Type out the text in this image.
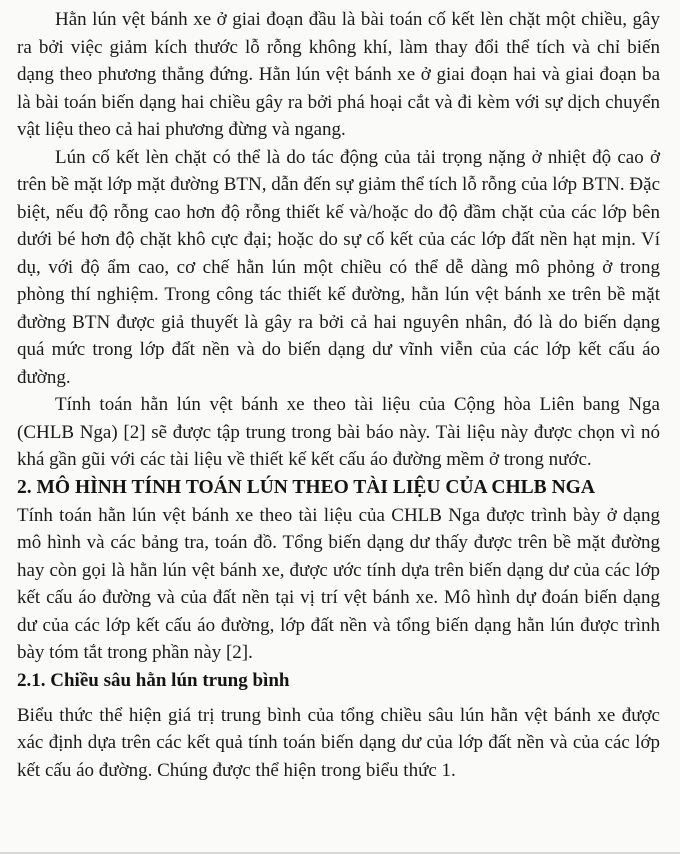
Hằn lún vệt bánh xe ở giai đoạn đầu là bài toán cố kết lèn chặt một chiều, gây ra bởi việc giảm kích thước lỗ rỗng không khí, làm thay đổi thể tích và chỉ biến dạng theo phương thẳng đứng. Hằn lún vệt bánh xe ở giai đoạn hai và giai đoạn ba là bài toán biến dạng hai chiều gây ra bởi phá hoại cắt và đi kèm với sự dịch chuyển vật liệu theo cả hai phương đừng và ngang.

Lún cố kết lèn chặt có thể là do tác động của tải trọng nặng ở nhiệt độ cao ở trên bề mặt lớp mặt đường BTN, dẫn đến sự giảm thể tích lỗ rỗng của lớp BTN. Đặc biệt, nếu độ rỗng cao hơn độ rỗng thiết kế và/hoặc do độ đầm chặt của các lớp bên dưới bé hơn độ chặt khô cực đại; hoặc do sự cố kết của các lớp đất nền hạt mịn. Ví dụ, với độ ẩm cao, cơ chế hằn lún một chiều có thể dễ dàng mô phỏng ở trong phòng thí nghiệm. Trong công tác thiết kế đường, hằn lún vệt bánh xe trên bề mặt đường BTN được giả thuyết là gây ra bởi cả hai nguyên nhân, đó là do biến dạng quá mức trong lớp đất nền và do biến dạng dư vĩnh viễn của các lớp kết cấu áo đường.

Tính toán hằn lún vệt bánh xe theo tài liệu của Cộng hòa Liên bang Nga (CHLB Nga) [2] sẽ được tập trung trong bài báo này. Tài liệu này được chọn vì nó khá gần gũi với các tài liệu về thiết kế kết cấu áo đường mềm ở trong nước.

2. MÔ HÌNH TÍNH TOÁN LÚN THEO TÀI LIỆU CỦA CHLB NGA

Tính toán hằn lún vệt bánh xe theo tài liệu của CHLB Nga được trình bày ở dạng mô hình và các bảng tra, toán đồ. Tổng biến dạng dư thấy được trên bề mặt đường hay còn gọi là hằn lún vệt bánh xe, được ước tính dựa trên biến dạng dư của các lớp kết cấu áo đường và của đất nền tại vị trí vệt bánh xe. Mô hình dự đoán biến dạng dư của các lớp kết cấu áo đường, lớp đất nền và tổng biến dạng hằn lún được trình bày tóm tắt trong phần này [2].

2.1. Chiều sâu hằn lún trung bình

Biểu thức thể hiện giá trị trung bình của tổng chiều sâu lún hằn vệt bánh xe được xác định dựa trên các kết quả tính toán biến dạng dư của lớp đất nền và của các lớp kết cấu áo đường. Chúng được thể hiện trong biểu thức 1.
